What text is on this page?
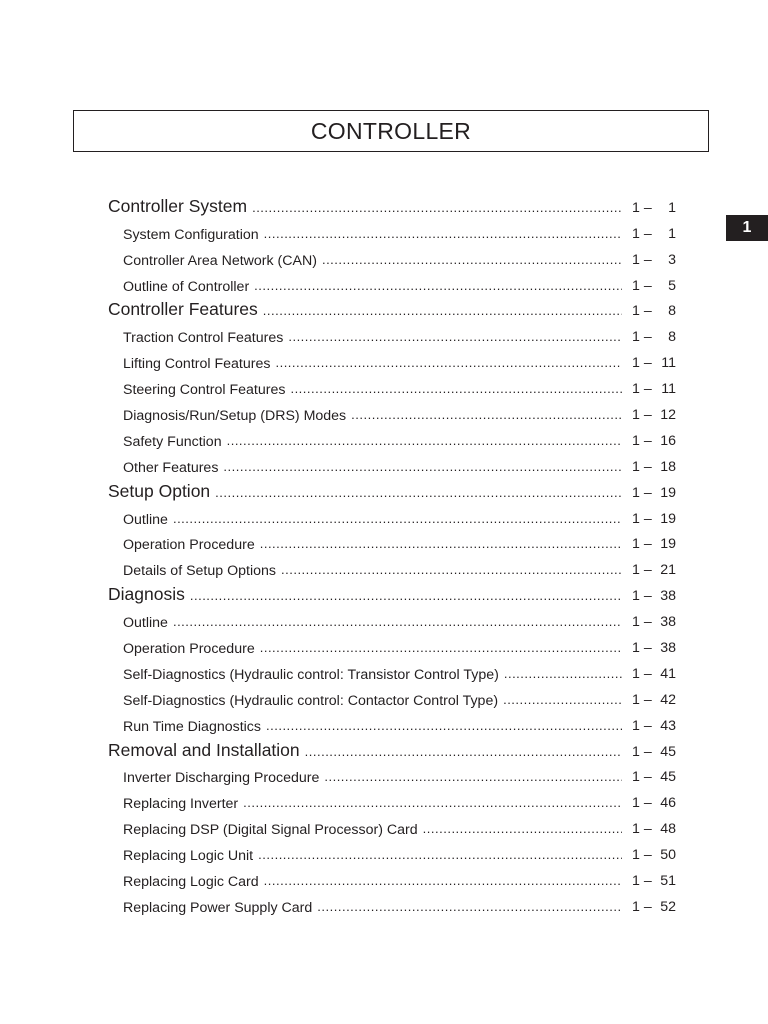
CONTROLLER
1
Controller System .....	1 –	1
System Configuration .....	1 –	1
Controller Area Network (CAN) .....	1 –	3
Outline of Controller .....	1 –	5
Controller Features .....	1 –	8
Traction Control Features .....	1 –	8
Lifting Control Features .....	1 – 11
Steering Control Features .....	1 – 11
Diagnosis/Run/Setup (DRS) Modes .....	1 – 12
Safety Function .....	1 – 16
Other Features .....	1 – 18
Setup Option .....	1 – 19
Outline .....	1 – 19
Operation Procedure .....	1 – 19
Details of Setup Options .....	1 – 21
Diagnosis .....	1 – 38
Outline .....	1 – 38
Operation Procedure .....	1 – 38
Self-Diagnostics (Hydraulic control: Transistor Control Type) .....	1 – 41
Self-Diagnostics (Hydraulic control: Contactor Control Type) .....	1 – 42
Run Time Diagnostics .....	1 – 43
Removal and Installation .....	1 – 45
Inverter Discharging Procedure .....	1 – 45
Replacing Inverter .....	1 – 46
Replacing DSP (Digital Signal Processor) Card .....	1 – 48
Replacing Logic Unit .....	1 – 50
Replacing Logic Card .....	1 – 51
Replacing Power Supply Card .....	1 – 52
